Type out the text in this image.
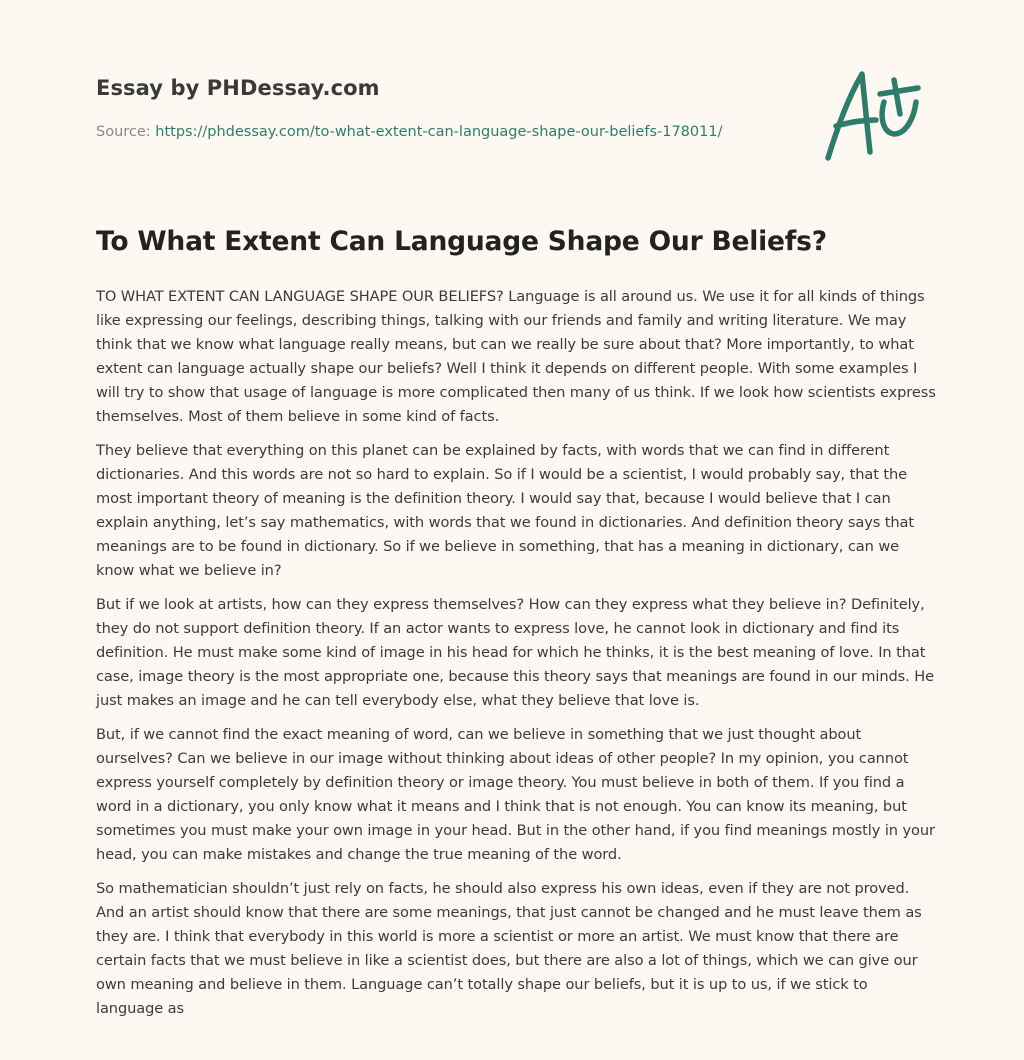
Essay by PHDessay.com
Source: https://phdessay.com/to-what-extent-can-language-shape-our-beliefs-178011/
To What Extent Can Language Shape Our Beliefs?

TO WHAT EXTENT CAN LANGUAGE SHAPE OUR BELIEFS? Language is all around us. We use it for all kinds of things like expressing our feelings, describing things, talking with our friends and family and writing literature. We may think that we know what language really means, but can we really be sure about that? More importantly, to what extent can language actually shape our beliefs? Well I think it depends on different people. With some examples I will try to show that usage of language is more complicated then many of us think. If we look how scientists express themselves. Most of them believe in some kind of facts.

They believe that everything on this planet can be explained by facts, with words that we can find in different dictionaries. And this words are not so hard to explain. So if I would be a scientist, I would probably say, that the most important theory of meaning is the definition theory. I would say that, because I would believe that I can explain anything, let’s say mathematics, with words that we found in dictionaries. And definition theory says that meanings are to be found in dictionary. So if we believe in something, that has a meaning in dictionary, can we know what we believe in?

But if we look at artists, how can they express themselves? How can they express what they believe in? Definitely, they do not support definition theory. If an actor wants to express love, he cannot look in dictionary and find its definition. He must make some kind of image in his head for which he thinks, it is the best meaning of love. In that case, image theory is the most appropriate one, because this theory says that meanings are found in our minds. He just makes an image and he can tell everybody else, what they believe that love is.

But, if we cannot find the exact meaning of word, can we believe in something that we just thought about ourselves? Can we believe in our image without thinking about ideas of other people? In my opinion, you cannot express yourself completely by definition theory or image theory. You must believe in both of them. If you find a word in a dictionary, you only know what it means and I think that is not enough. You can know its meaning, but sometimes you must make your own image in your head. But in the other hand, if you find meanings mostly in your head, you can make mistakes and change the true meaning of the word.

So mathematician shouldn’t just rely on facts, he should also express his own ideas, even if they are not proved. And an artist should know that there are some meanings, that just cannot be changed and he must leave them as they are. I think that everybody in this world is more a scientist or more an artist. We must know that there are certain facts that we must believe in like a scientist does, but there are also a lot of things, which we can give our own meaning and believe in them. Language can’t totally shape our beliefs, but it is up to us, if we stick to language as
